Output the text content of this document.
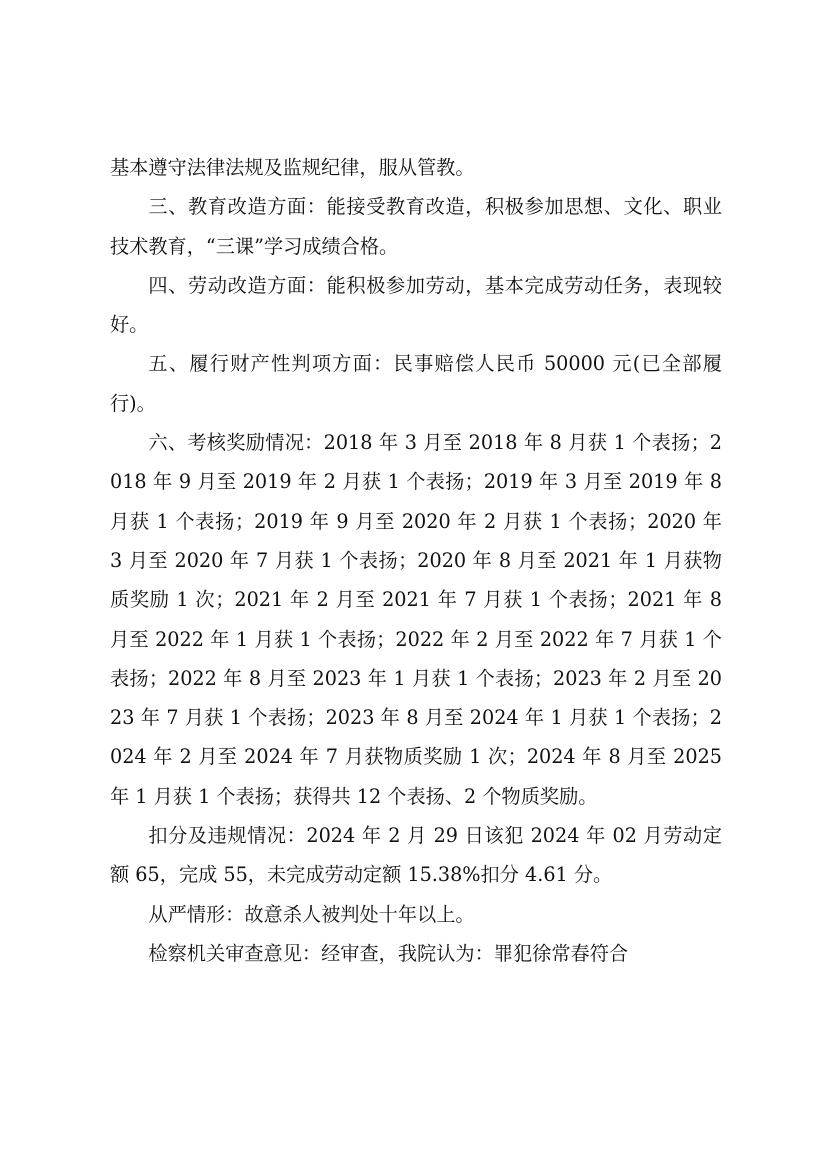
基本遵守法律法规及监规纪律，服从管教。

三、教育改造方面：能接受教育改造，积极参加思想、文化、职业技术教育，“三课”学习成绩合格。

四、劳动改造方面：能积极参加劳动，基本完成劳动任务，表现较好。

五、履行财产性判项方面：民事赔偿人民币 50000 元(已全部履行)。

六、考核奖励情况：2018 年 3 月至 2018 年 8 月获 1 个表扬；2018 年 9 月至 2019 年 2 月获 1 个表扬；2019 年 3 月至 2019 年 8 月获 1 个表扬；2019 年 9 月至 2020 年 2 月获 1 个表扬；2020 年 3 月至 2020 年 7 月获 1 个表扬；2020 年 8 月至 2021 年 1 月获物质奖励 1 次；2021 年 2 月至 2021 年 7 月获 1 个表扬；2021 年 8 月至 2022 年 1 月获 1 个表扬；2022 年 2 月至 2022 年 7 月获 1 个表扬；2022 年 8 月至 2023 年 1 月获 1 个表扬；2023 年 2 月至 2023 年 7 月获 1 个表扬；2023 年 8 月至 2024 年 1 月获 1 个表扬；2024 年 2 月至 2024 年 7 月获物质奖励 1 次；2024 年 8 月至 2025 年 1 月获 1 个表扬；获得共 12 个表扬、2 个物质奖励。

扣分及违规情况：2024 年 2 月 29 日该犯 2024 年 02 月劳动定额 65，完成 55，未完成劳动定额 15.38%扣分 4.61 分。

从严情形：故意杀人被判处十年以上。

检察机关审查意见：经审查，我院认为：罪犯徐常春符合
